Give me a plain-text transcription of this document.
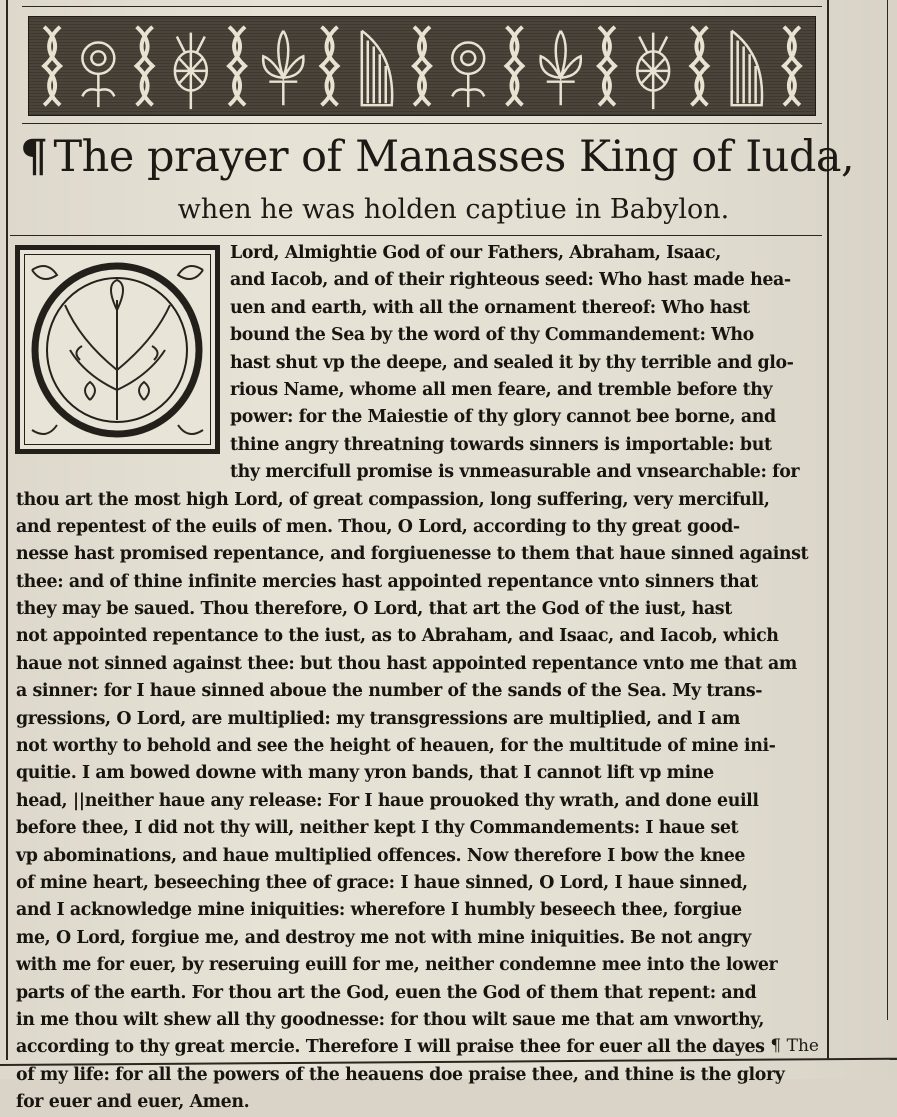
¶ The prayer of Manasses King of Iuda,
when he was holden captiue in Babylon.
Lord, Almightie God of our Fathers, Abraham, Isaac,
and Iacob, and of their righteous seed: Who hast made hea-
uen and earth, with all the ornament thereof: Who hast
bound the Sea by the word of thy Commandement: Who
hast shut vp the deepe, and sealed it by thy terrible and glo-
rious Name, whome all men feare, and tremble before thy
power: for the Maiestie of thy glory cannot bee borne, and
thine angry threatning towards sinners is importable: but
thy mercifull promise is vnmeasurable and vnsearchable: for
thou art the most high Lord, of great compassion, long suffering, very mercifull,
and repentest of the euils of men. Thou, O Lord, according to thy great good-
nesse hast promised repentance, and forgiuenesse to them that haue sinned against
thee: and of thine infinite mercies hast appointed repentance vnto sinners that
they may be saued. Thou therefore, O Lord, that art the God of the iust, hast
not appointed repentance to the iust, as to Abraham, and Isaac, and Iacob, which
haue not sinned against thee: but thou hast appointed repentance vnto me that am
a sinner: for I haue sinned aboue the number of the sands of the Sea. My trans-
gressions, O Lord, are multiplied: my transgressions are multiplied, and I am
not worthy to behold and see the height of heauen, for the multitude of mine ini-
quitie. I am bowed downe with many yron bands, that I cannot lift vp mine
head, ||neither haue any release: For I haue prouoked thy wrath, and done euill
before thee, I did not thy will, neither kept I thy Commandements: I haue set
vp abominations, and haue multiplied offences. Now therefore I bow the knee
of mine heart, beseeching thee of grace: I haue sinned, O Lord, I haue sinned,
and I acknowledge mine iniquities: wherefore I humbly beseech thee, forgiue
me, O Lord, forgiue me, and destroy me not with mine iniquities. Be not angry
with me for euer, by reseruing euill for me, neither condemne mee into the lower
parts of the earth. For thou art the God, euen the God of them that repent: and
in me thou wilt shew all thy goodnesse: for thou wilt saue me that am vnworthy,
according to thy great mercie. Therefore I will praise thee for euer all the dayes
of my life: for all the powers of the heauens doe praise thee, and thine is the glory
for euer and euer, Amen.
¶ The
